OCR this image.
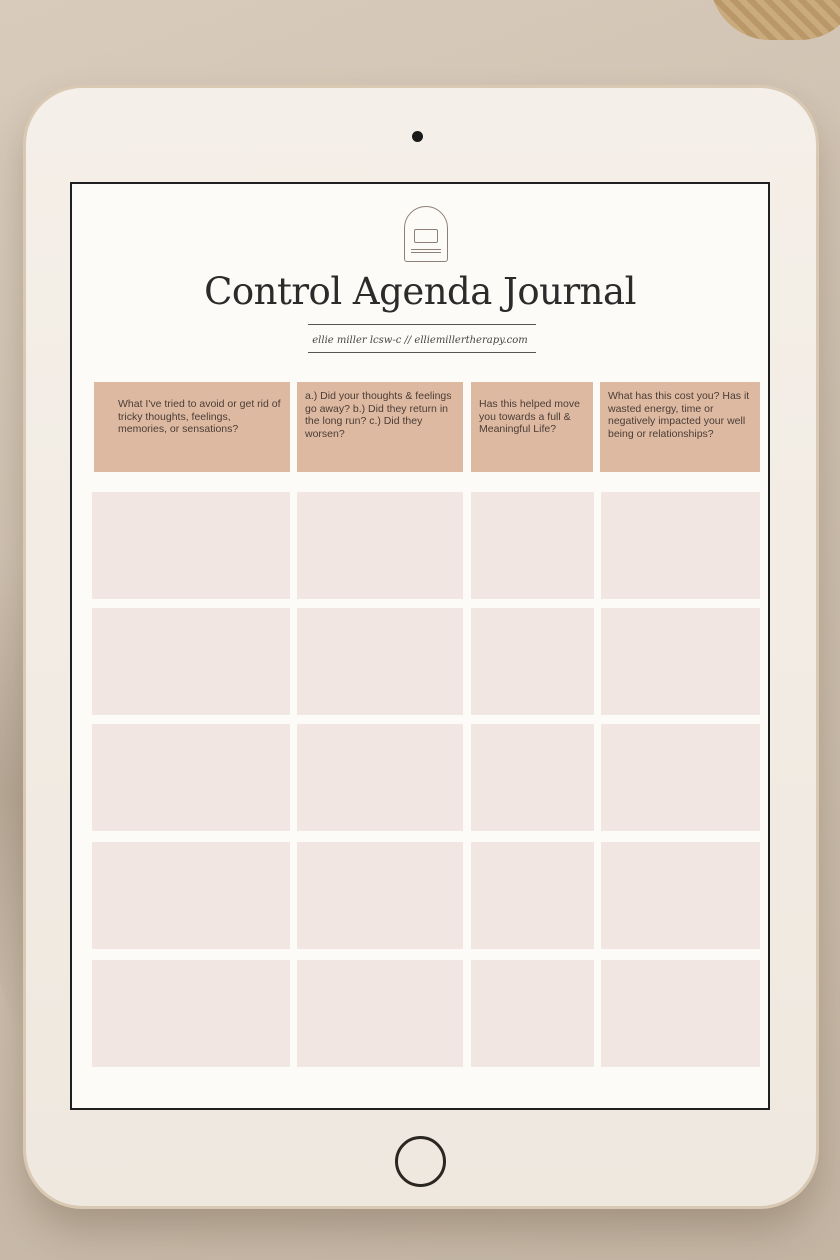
Control Agenda Journal
ellie miller lcsw-c // elliemillertherapy.com
What I've tried to avoid or get rid of tricky thoughts, feelings, memories, or sensations?
a.) Did your thoughts & feelings go away? b.) Did they return in the long run? c.) Did they worsen?
Has this helped move you towards a full & Meaningful Life?
What has this cost you? Has it wasted energy, time or negatively impacted your well being or relationships?
